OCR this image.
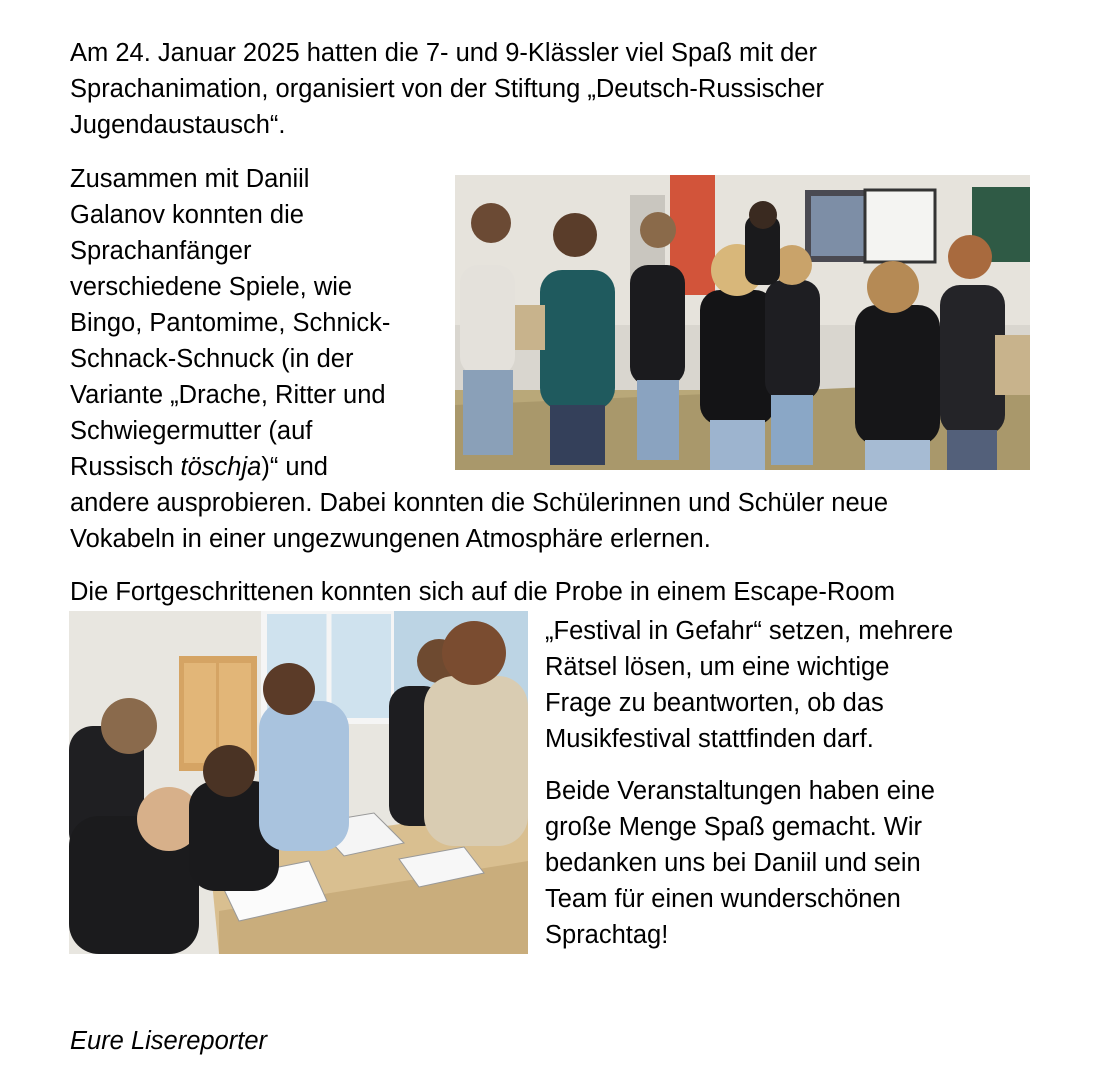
Am 24. Januar 2025 hatten die 7- und 9-Klässler viel Spaß mit der
Sprachanimation, organisiert von der Stiftung „Deutsch-Russischer
Jugendaustausch“.

Zusammen mit Daniil
Galanov konnten die
Sprachanfänger
verschiedene Spiele, wie
Bingo, Pantomime, Schnick-
Schnack-Schnuck (in der
Variante „Drache, Ritter und
Schwiegermutter (auf
Russisch töschja)“ und
andere ausprobieren. Dabei konnten die Schülerinnen und Schüler neue
Vokabeln in einer ungezwungenen Atmosphäre erlernen.

Die Fortgeschrittenen konnten sich auf die Probe in einem Escape-Room

„Festival in Gefahr“ setzen, mehrere
Rätsel lösen, um eine wichtige
Frage zu beantworten, ob das
Musikfestival stattfinden darf.

Beide Veranstaltungen haben eine
große Menge Spaß gemacht. Wir
bedanken uns bei Daniil und sein
Team für einen wunderschönen
Sprachtag!

Eure Lisereporter
